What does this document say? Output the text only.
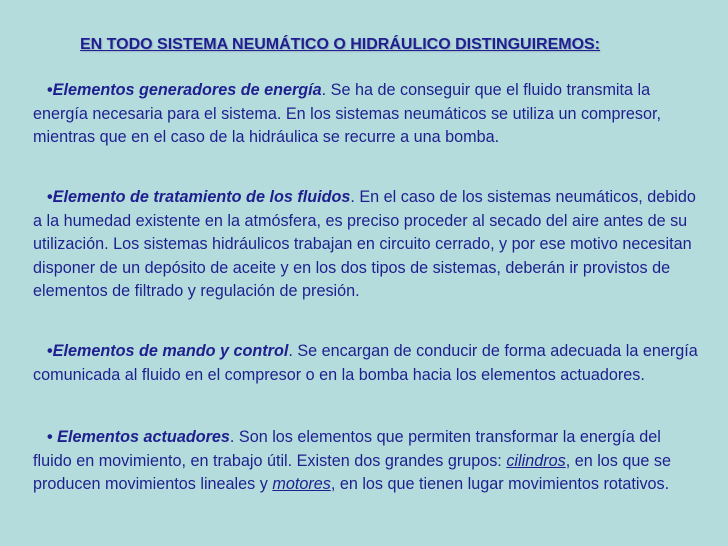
EN TODO SISTEMA NEUMÁTICO O HIDRÁULICO DISTINGUIREMOS:
•Elementos generadores de energía. Se ha de conseguir que el fluido transmita la energía necesaria para el sistema. En los sistemas neumáticos se utiliza un compresor, mientras que en el caso de la hidráulica se recurre a una bomba.
•Elemento de tratamiento de los fluidos. En el caso de los sistemas neumáticos, debido a la humedad existente en la atmósfera, es preciso proceder al secado del aire antes de su utilización. Los sistemas hidráulicos trabajan en circuito cerrado, y por ese motivo necesitan disponer de un depósito de aceite y en los dos tipos de sistemas, deberán ir provistos de elementos de filtrado y regulación de presión.
•Elementos de mando y control. Se encargan de conducir de forma adecuada la energía comunicada al fluido en el compresor o en la bomba hacia los elementos actuadores.
• Elementos actuadores. Son los elementos que permiten transformar la energía del fluido en movimiento, en trabajo útil. Existen dos grandes grupos: cilindros, en los que se producen movimientos lineales y motores, en los que tienen lugar movimientos rotativos.
